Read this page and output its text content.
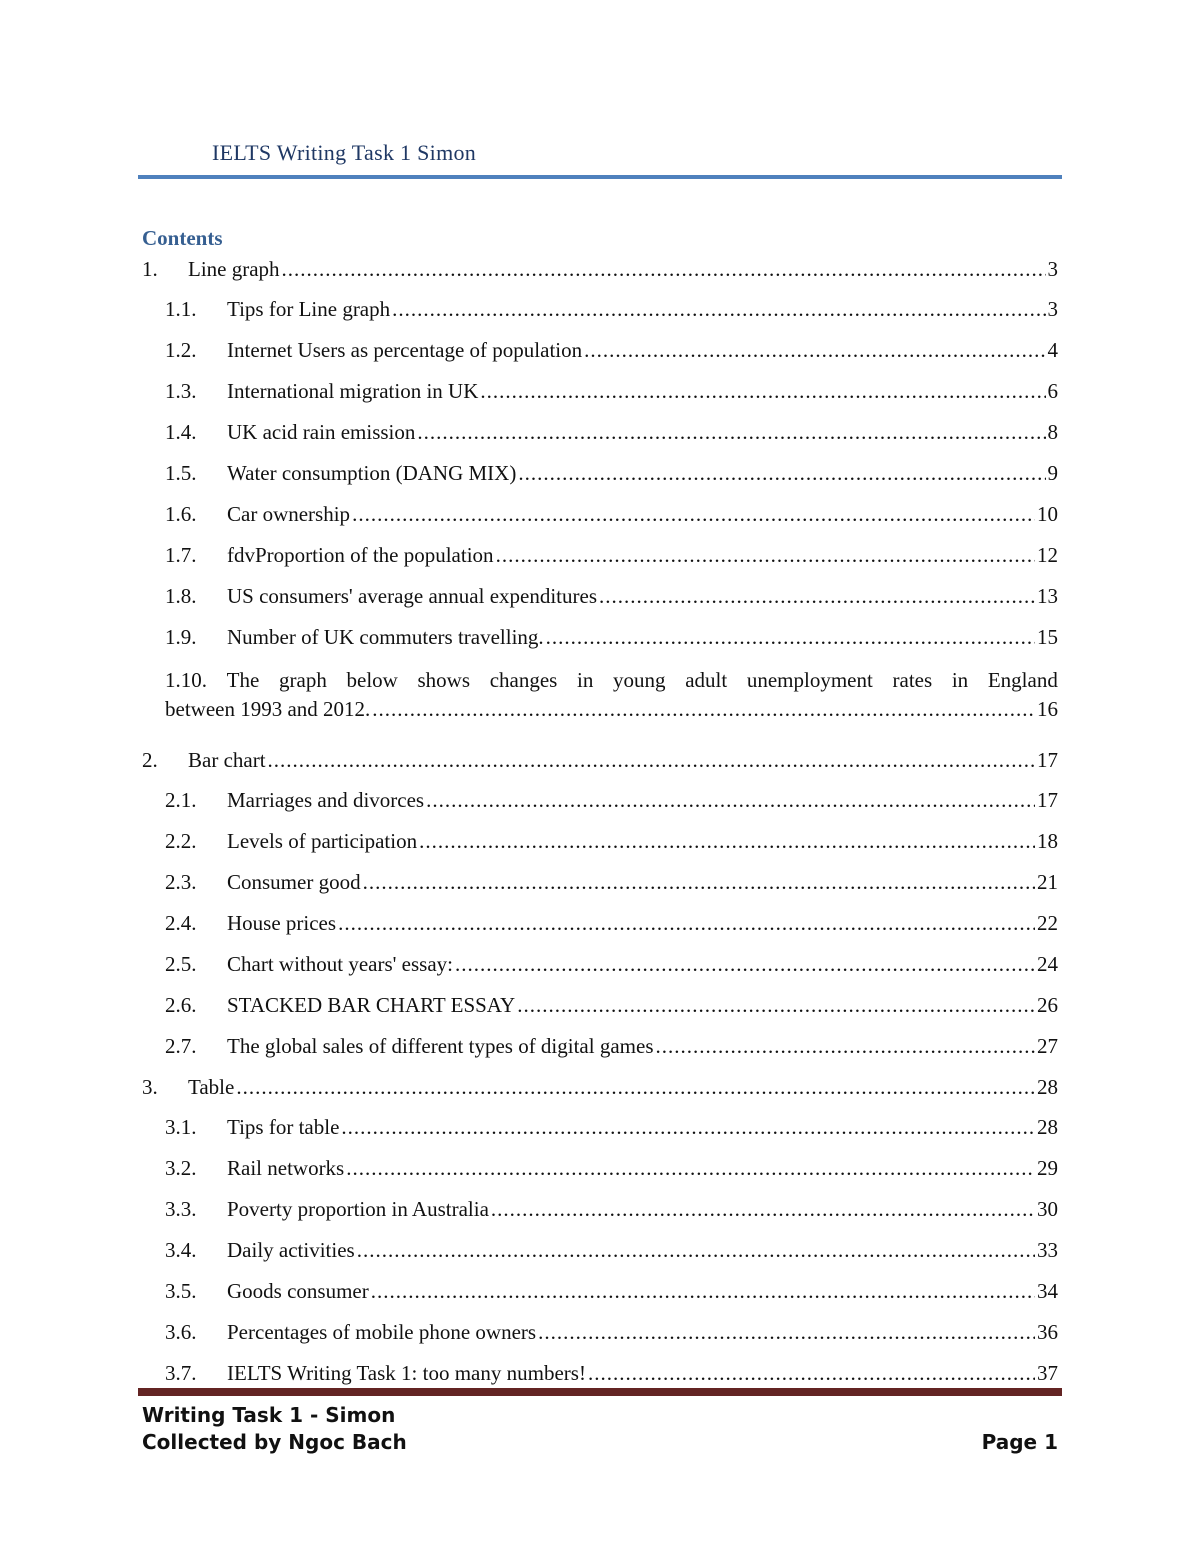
IELTS Writing Task 1 Simon
Contents
1.	Line graph .....	3
1.1.	Tips for Line graph .....	3
1.2.	Internet Users as percentage of population .....	4
1.3.	International migration in UK .....	6
1.4.	UK acid rain emission .....	8
1.5.	Water consumption (DANG MIX) .....	9
1.6.	Car ownership .....	10
1.7.	fdvProportion of the population .....	12
1.8.	US consumers' average annual expenditures .....	13
1.9.	Number of UK commuters travelling. .....	15
1.10. The graph below shows changes in young adult unemployment rates in England
between 1993 and 2012. .....	16
2.	Bar chart .....	17
2.1.	Marriages and divorces .....	17
2.2.	Levels of participation .....	18
2.3.	Consumer good .....	21
2.4.	House prices .....	22
2.5.	Chart without years' essay: .....	24
2.6.	STACKED BAR CHART ESSAY .....	26
2.7.	The global sales of different types of digital games .....	27
3.	Table .....	28
3.1.	Tips for table .....	28
3.2.	Rail networks .....	29
3.3.	Poverty proportion in Australia .....	30
3.4.	Daily activities .....	33
3.5.	Goods consumer .....	34
3.6.	Percentages of mobile phone owners .....	36
3.7.	IELTS Writing Task 1: too many numbers! .....	37
Writing Task 1 - Simon
Collected by Ngoc Bach	Page 1
